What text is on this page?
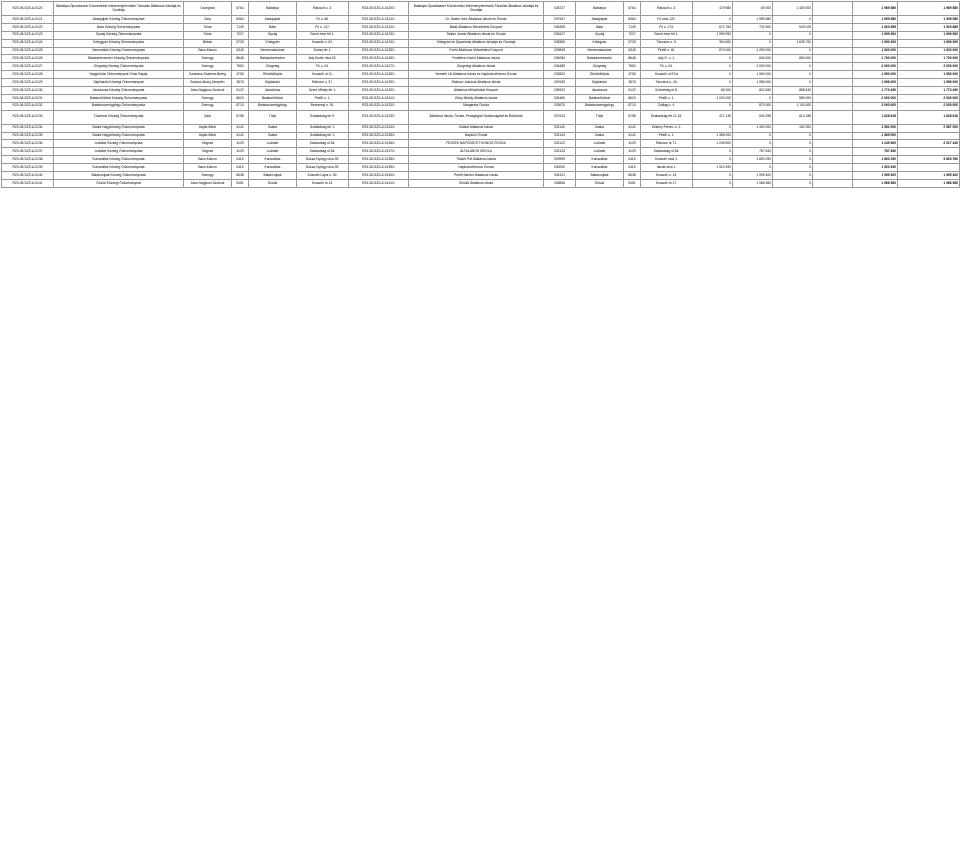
R23-08-SZS-A-0120	Balástya-Ópusztaszer Köznevelési Intézményfenntartó Társulás Általános Iskolája és Óvodája	Csongrád	6764	Balástya	Rákóczi u. 3.	R23-08-SZS-A-0120/1	Balástya-Ópusztaszer Köznevelési Intézményfenntartó Társulás Általános Iskolája és Óvodája	028727	Balástya	6764	Rákóczi u. 3.	479 580	60 000	1 430 000		1 969 580	1 969 580
R23-08-SZS-A-0121	Abaújalpár Község Önkormányzata	Zala	8384	Abaújalpár	Fő u. 66.	R23-08-SZS-A-0121/1	Dr. Szabó Imre Általános Iskola és Óvoda	037531	Abaújalpár	8384	Fő utca 122.	0	1 999 980	0		1 999 980	1 999 980
R23-08-SZS-A-0122	Bata Község Önkormányzata	Tolna	7149	Báta	Fő u. 147.	R23-08-SZS-A-0122/1	Bátai Általános Művelődési Központ	036308	Báta	7149	Fő u. 174.	671 760	702 900	549 025		1 923 685	1 923 685
R23-08-SZS-A-0123	Gyulaj Község Önkormányzata	Tolna	7227	Gyulaj	Szent Imre tér 1.	R23-08-SZS-A-0123/1	Szabó József Általános Iskola és Óvoda	036317	Gyulaj	7227	Szent Imre tér 1.	1 999 992	0	0		1 999 992	1 999 992
R23-08-SZS-A-0124	Köleggyár Község Önkormányzata	Békés	5725	Kötegyán	Kossuth u. 81.	R23-08-SZS-A-0124/1	Kötegyán és Újszalonta Általános Iskolája és Óvodája	028369	Kötegyán	5725	Táncsics u. 9.	354 600	0	1 635 700		1 990 300	1 990 300
R23-08-SZS-A-0125	Nemesbikk Község Önkormányzata	Bács-Kiskun	6345	Nemesnádudvar	Dózsa tér 1.	R23-08-SZS-A-0125/1	Fóriló Általános Művelődési Központ	029849	Nemesnádudvar	6345	Petőfi u. 40.	670 000	1 250 000	0		1 920 000	1 920 000
R23-08-SZS-A-0126	Balatonkeresztúr Község Önkormányzata	Somogy	8648	Balatonkeresztúr	Ady Endre utca 52.	R23-08-SZS-A-0126/1	Festetics Kristóf Általános Iskola	034084	Balatonkeresztúr	8648	Ady E. u. 1.	0	840 000	860 000		1 700 000	1 700 000
R23-08-SZS-A-0127	Görgeteg Község Önkormányzata	Somogy	7553	Görgeteg	Fő u. 24.	R23-08-SZS-A-0127/1	Görgetegi Általános Iskola	034485	Görgeteg	7553	Fő u. 24.	0	2 000 000	0		2 000 000	2 000 000
R23-08-SZS-A-0128	Nagykőrösi Önkormányzat Óriás Rajdja	Szabolcs-Szatmár-Bereg	4755	Ököritófülpös	Kossuth út 11.	R23-08-SZS-A-0128/1	Nemeth Lili Általános Iskola és Napköziotthonos Óvoda	033522	Ököritófülpös	4755	Kossuth út 57/a	0	1 950 000	0		1 950 000	1 950 000
R23-08-SZS-A-0129	Sajólászló Községi Önkormányzat	Borsod-Abaúj-Zemplén	3576	Sajólászló	Rákóczi u. 37.	R23-08-SZS-A-0129/1	Rákóczi Jakokos Általános Iskola	029139	Sajólászló	3576	Táncsics u. 43.	0	1 996 000	0		1 996 000	1 996 000
R23-08-SZS-A-0130	Jászdózsa Község Önkormányzata	Jász-Nagykun-Szolnok	5122	Jászdózsa	Szent Mihály tér 1.	R23-08-SZS-A-0130/1	Általános Művelődési Központ	035923	Jászdózsa	5122	Szövetség út 8.	65 000	822 650	885 840		1 773 490	1 773 490
R23-08-SZS-A-0131	Balatonföldvár Község Önkormányzata	Somogy	8623	Balatonföldvár	Petőfi u. 1.	R23-08-SZS-A-0131/1	Zichy Mihály Általános Iskola	034460	Balatonföldvár	8623	Petőfi u. 1.	1 020 000	0	980 000		2 000 000	2 000 000
R23-08-SZS-A-0132	Balatonszentgyörgy Önkormányzata	Somogy	8710	Balatonszentgyörgy	Berzsenyi u. 91.	R23-08-SZS-A-0132/1	Margaréta Óvoda	033670	Balatonszentgyörgy	8710	Csillag u. 4.	0	870 000	1 130 000		2 000 000	2 000 000
R23-08-SZS-A-0133	Tüskevár Község Önkormányzata	Zala	8796	Türje	Szabadság tér 9.	R23-08-SZS-A-0133/1	Általános Iskola, Óvoda, Pedagógiai Szakszolgálat és Bölcsőde	037613	Türje	8796	Szabadság tér 11-15.	471 130	543 298	614 188		1 628 616	1 628 616
R23-08-SZS-A-0134	Zsáka Nagyközség Önkormányzata	Hajdú-Bihar	4142	Zsáka	Szabadság tér 1.	R23-08-SZS-A-0134/1	Zsákai Általános Iskola	031142	Zsáka	4142	Kökeny Ferenc u. 2.	0	1 400 000	152 000		1 552 000	2 967 000
R23-08-SZS-A-0135	Zsáka Nagyközség Önkormányzata	Hajdú-Bihar	4142	Zsáka	Szabadság tér 1.	R23-08-SZS-A-0135/1	Napközi Óvoda	031143	Zsáka	4142	Petőfi u. 1.	1 365 000	0	0		1 365 000	
R23-08-SZS-A-0136	Ludlabe Község Önkormányzata	Nógrád	3129	Ludlabe	Szabadság út 84.	R23-08-SZS-A-0136/1	FESZEK NAPKÖZIOTTHONOS ÓVODA	032122	Ludlabe	3129	Rákóczi út 71.	1 249 600	0	0		1 249 600	2 017 440
R23-08-SZS-A-0137	Ludlabe Község Önkormányzata	Nógrád	3129	Ludlabe	Szabadság út 84.	R23-08-SZS-A-0137/1	ÁLTALÁNOS ISKOLA	032123	Ludlabe	3129	Szabadság út 84.	0	767 840	0		767 840	
R23-08-SZS-A-0138	Kunszállás Község Önkormányzata	Bács-Kiskun	6115	Kunszállás	Dózsa György utca 39.	R23-08-SZS-A-0138/1	Tüskér Pál Általános Iskola	029999	Kunszállás	6115	Kossuth utca 1.	0	1 893 290	0		1 893 290	3 803 780
R23-08-SZS-A-0139	Kunszállás Község Önkormányzata	Bács-Kiskun	6115	Kunszállás	Dózsa György utca 39.	R23-08-SZS-A-0139/1	Napköziotthonos Óvoda	030000	Kunszállás	6115	Iskola utca 1.	1 920 490	0	0		1 920 490	
R23-08-SZS-A-0140	Balatonújlak Község Önkormányzata	Somogy	8638	Balatonújlak	Kossuth Lajos u. 52.	R23-08-SZS-A-0140/1	Petőfi Sándor Általános Iskola	034121	Balatonújlak	8638	Kossuth u. 14.	0	1 995 400	0		1 995 400	1 995 400
R23-08-SZS-A-0141	Öcsöd Községi Önkormányzat	Jász-Nagykun-Szolnok	5451	Öcsöd	Kossuth út 13.	R23-08-SZS-A-0141/1	Öcsödi Általános Iskola	035846	Öcsöd	5451	Kossuth út 17.	0	1 966 580	0		1 966 580	1 966 580
